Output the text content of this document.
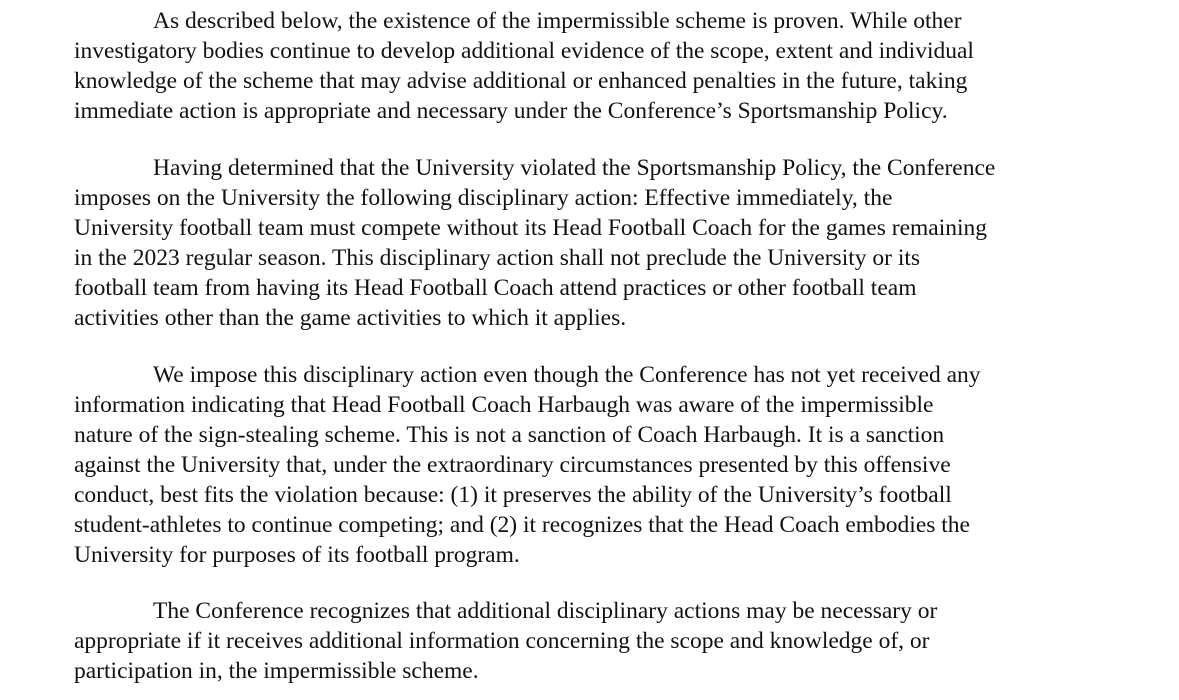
As described below, the existence of the impermissible scheme is proven. While other
investigatory bodies continue to develop additional evidence of the scope, extent and individual
knowledge of the scheme that may advise additional or enhanced penalties in the future, taking
immediate action is appropriate and necessary under the Conference’s Sportsmanship Policy.
Having determined that the University violated the Sportsmanship Policy, the Conference
imposes on the University the following disciplinary action: Effective immediately, the
University football team must compete without its Head Football Coach for the games remaining
in the 2023 regular season. This disciplinary action shall not preclude the University or its
football team from having its Head Football Coach attend practices or other football team
activities other than the game activities to which it applies.
We impose this disciplinary action even though the Conference has not yet received any
information indicating that Head Football Coach Harbaugh was aware of the impermissible
nature of the sign-stealing scheme. This is not a sanction of Coach Harbaugh. It is a sanction
against the University that, under the extraordinary circumstances presented by this offensive
conduct, best fits the violation because: (1) it preserves the ability of the University’s football
student-athletes to continue competing; and (2) it recognizes that the Head Coach embodies the
University for purposes of its football program.
The Conference recognizes that additional disciplinary actions may be necessary or
appropriate if it receives additional information concerning the scope and knowledge of, or
participation in, the impermissible scheme.
